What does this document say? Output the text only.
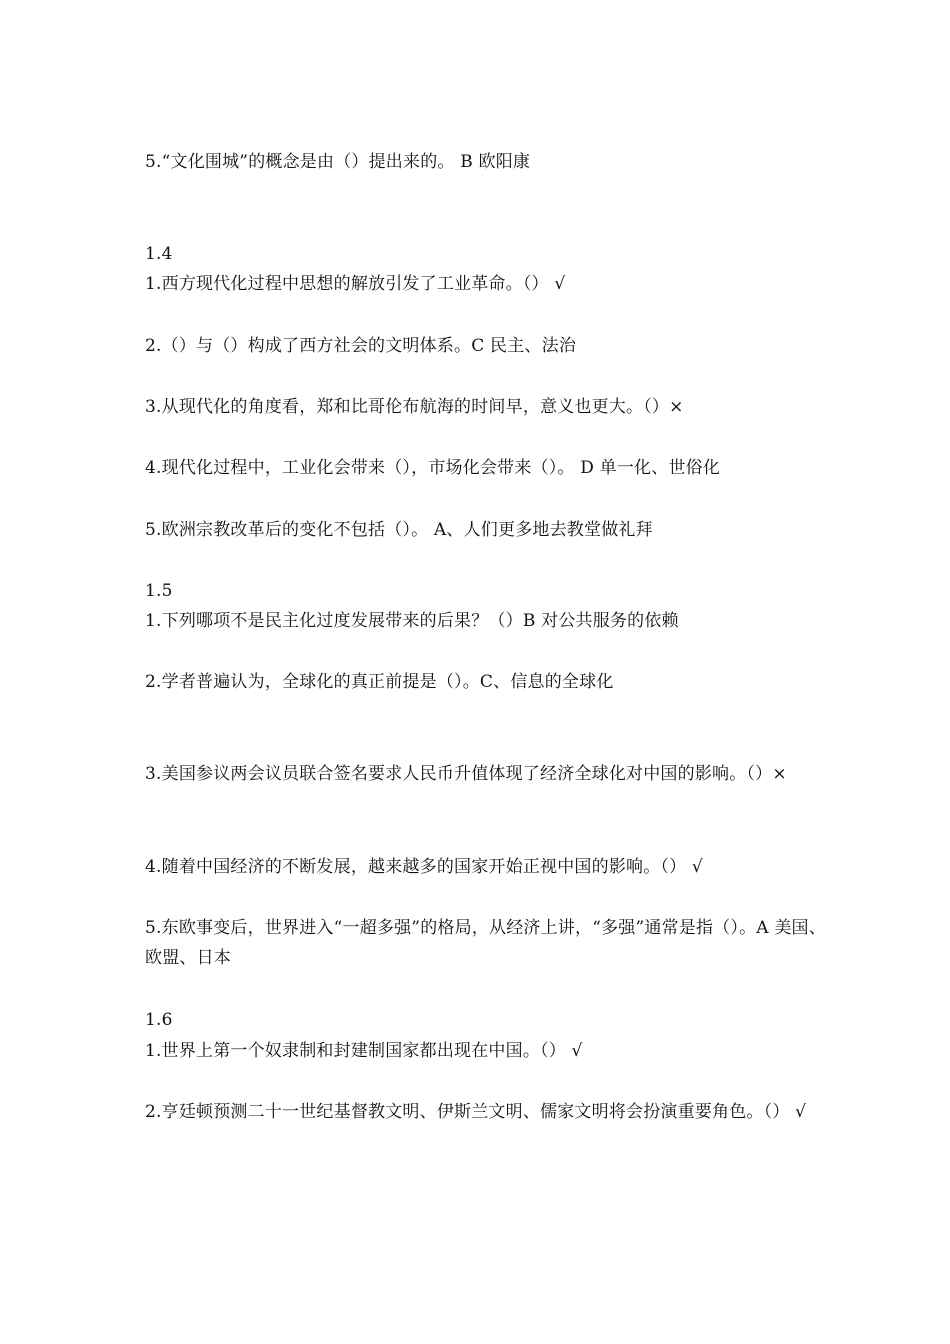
5.“文化围城”的概念是由（）提出来的。 B 欧阳康
1.4
1.西方现代化过程中思想的解放引发了工业革命。（） √
2.（）与（）构成了西方社会的文明体系。C 民主、法治
3.从现代化的角度看，郑和比哥伦布航海的时间早，意义也更大。（）×
4.现代化过程中，工业化会带来（），市场化会带来（）。 D 单一化、世俗化
5.欧洲宗教改革后的变化不包括（）。 A、人们更多地去教堂做礼拜
1.5
1.下列哪项不是民主化过度发展带来的后果？（）B 对公共服务的依赖
2.学者普遍认为，全球化的真正前提是（）。C、信息的全球化
3.美国参议两会议员联合签名要求人民币升值体现了经济全球化对中国的影响。（）×
4.随着中国经济的不断发展，越来越多的国家开始正视中国的影响。（） √
5.东欧事变后，世界进入“一超多强”的格局，从经济上讲，“多强”通常是指（）。A 美国、欧盟、日本
1.6
1.世界上第一个奴隶制和封建制国家都出现在中国。（） √
2.亨廷顿预测二十一世纪基督教文明、伊斯兰文明、儒家文明将会扮演重要角色。（） √
